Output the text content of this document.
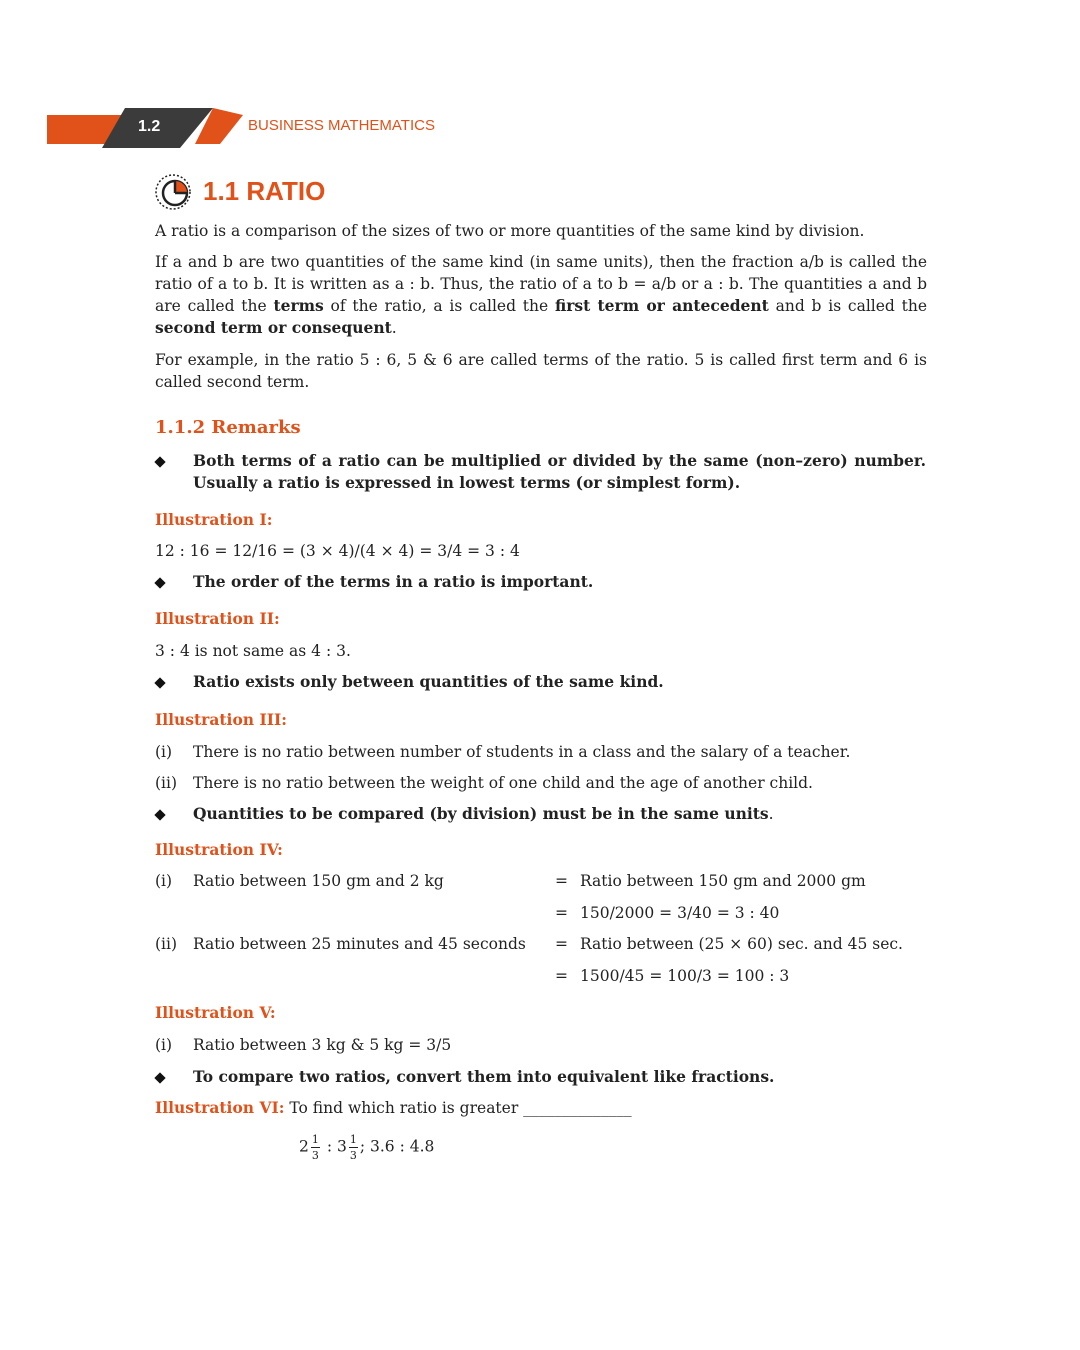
1.2	BUSINESS MATHEMATICS
1.1 RATIO
A ratio is a comparison of the sizes of two or more quantities of the same kind by division.
If a and b are two quantities of the same kind (in same units), then the fraction a/b is called the ratio of a to b. It is written as a : b. Thus, the ratio of a to b = a/b or a : b. The quantities a and b are called the terms of the ratio, a is called the first term or antecedent and b is called the second term or consequent.
For example, in the ratio 5 : 6, 5 & 6 are called terms of the ratio. 5 is called first term and 6 is called second term.
1.1.2 Remarks
Both terms of a ratio can be multiplied or divided by the same (non–zero) number. Usually a ratio is expressed in lowest terms (or simplest form).
Illustration I:
12 : 16 = 12/16 = (3 × 4)/(4 × 4) = 3/4 = 3 : 4
The order of the terms in a ratio is important.
Illustration II:
3 : 4 is not same as 4 : 3.
Ratio exists only between quantities of the same kind.
Illustration III:
(i) There is no ratio between number of students in a class and the salary of a teacher.
(ii) There is no ratio between the weight of one child and the age of another child.
Quantities to be compared (by division) must be in the same units.
Illustration IV:
(i) Ratio between 150 gm and 2 kg	= Ratio between 150 gm and 2000 gm
= 150/2000 = 3/40 = 3 : 40
(ii) Ratio between 25 minutes and 45 seconds = Ratio between (25 × 60) sec. and 45 sec.
= 1500/45 = 100/3 = 100 : 3
Illustration V:
(i) Ratio between 3 kg & 5 kg = 3/5
To compare two ratios, convert them into equivalent like fractions.
Illustration VI: To find which ratio is greater ______________
$2 \frac{1}{3}$ : $3 \frac{1}{3}$ ; 3.6 : 4.8
